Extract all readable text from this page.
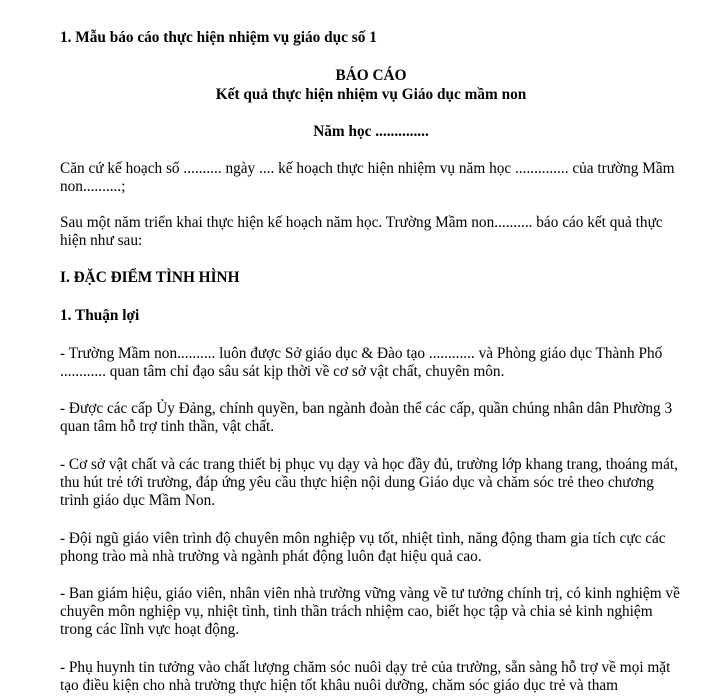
1. Mẫu báo cáo thực hiện nhiệm vụ giáo dục số 1

BÁO CÁO

Kết quả thực hiện nhiệm vụ Giáo dục mầm non

Năm học ..............

Căn cứ kế hoạch số .......... ngày .... kế hoạch thực hiện nhiệm vụ năm học .............. của trường Mầm non..........;

Sau một năm triển khai thực hiện kế hoạch năm học. Trường Mầm non.......... báo cáo kết quả thực hiện như sau:

I. ĐẶC ĐIỂM TÌNH HÌNH

1. Thuận lợi

- Trường Mầm non.......... luôn được Sở giáo dục & Đào tạo ............ và Phòng giáo dục Thành Phố ............ quan tâm chỉ đạo sâu sát kịp thời về cơ sở vật chất, chuyên môn.

- Được các cấp Ủy Đảng, chính quyền, ban ngành đoàn thể các cấp, quần chúng nhân dân Phường 3 quan tâm hỗ trợ tinh thần, vật chất.

- Cơ sở vật chất và các trang thiết bị phục vụ dạy và học đầy đủ, trường lớp khang trang, thoáng mát, thu hút trẻ tới trường, đáp ứng yêu cầu thực hiện nội dung Giáo dục và chăm sóc trẻ theo chương trình giáo dục Mầm Non.

- Đội ngũ giáo viên trình độ chuyên môn nghiệp vụ tốt, nhiệt tình, năng động tham gia tích cực các phong trào mà nhà trường và ngành phát động luôn đạt hiệu quả cao.

- Ban giám hiệu, giáo viên, nhân viên nhà trường vững vàng về tư tưởng chính trị, có kinh nghiệm về chuyên môn nghiệp vụ, nhiệt tình, tinh thần trách nhiệm cao, biết học tập và chia sẻ kinh nghiệm trong các lĩnh vực hoạt động.

- Phụ huynh tin tưởng vào chất lượng chăm sóc nuôi dạy trẻ của trường, sẵn sàng hỗ trợ về mọi mặt tạo điều kiện cho nhà trường thực hiện tốt khâu nuôi dưỡng, chăm sóc giáo dục trẻ và tham
